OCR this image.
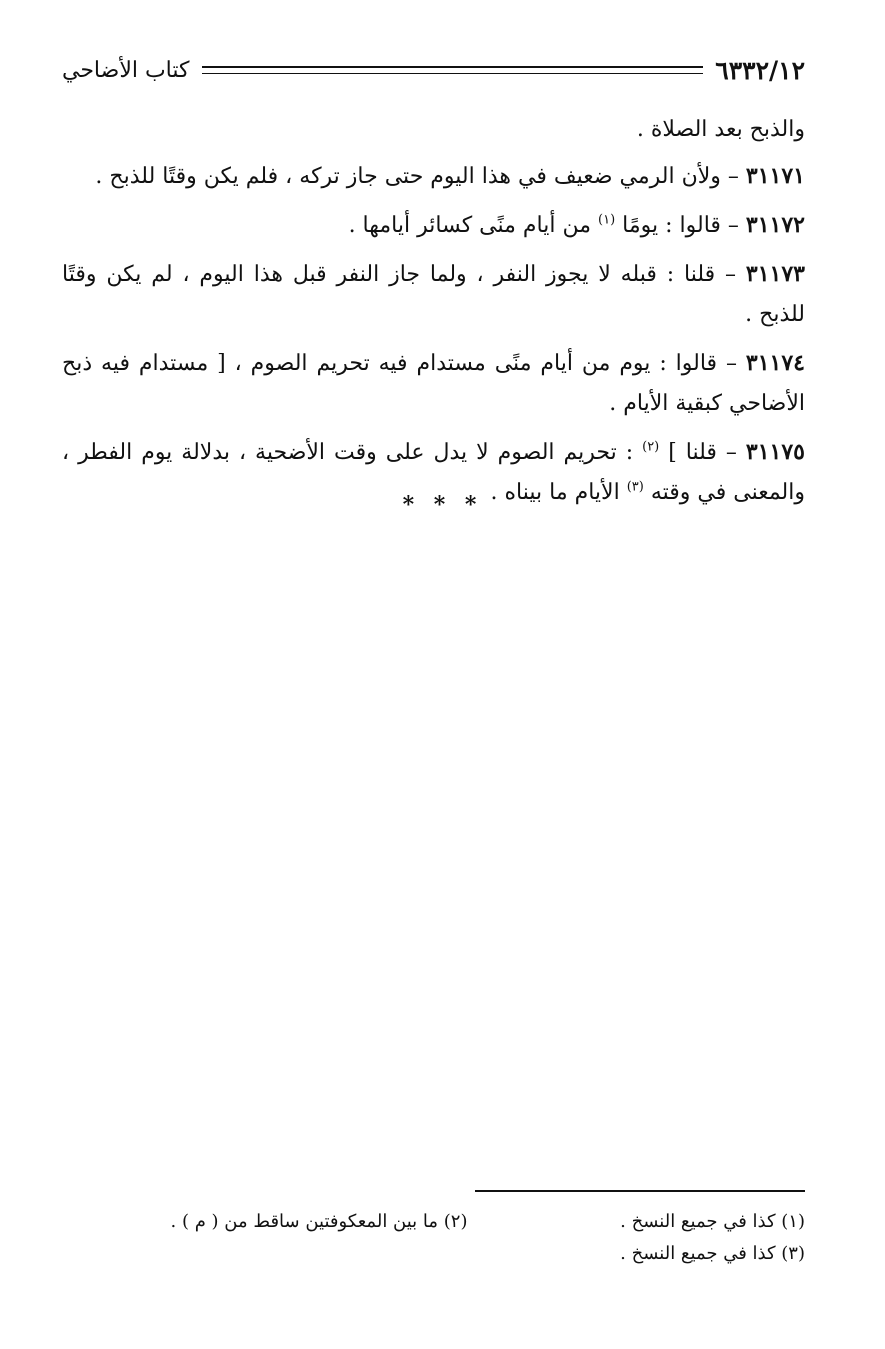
٦٣٣٢/١٢
كتاب الأضاحي

والذبح بعد الصلاة .

٣١١٧١ – ولأن الرمي ضعيف في هذا اليوم حتى جاز تركه ، فلم يكن وقتًا للذبح .

٣١١٧٢ – قالوا : يومًا $^{(١)}$ من أيام منًى كسائر أيامها .

٣١١٧٣ – قلنا : قبله لا يجوز النفر ، ولما جاز النفر قبل هذا اليوم ، لم يكن وقتًا للذبح .

٣١١٧٤ – قالوا : يوم من أيام منًى مستدام فيه تحريم الصوم ، [ مستدام فيه ذبح الأضاحي كبقية الأيام .

٣١١٧٥ – قلنا ] $^{(٢)}$ : تحريم الصوم لا يدل على وقت الأضحية ، بدلالة يوم الفطر ، والمعنى في وقته $^{(٣)}$ الأيام ما بيناه .

* * *
(١) كذا في جميع النسخ .
(٢) ما بين المعكوفتين ساقط من ( م ) .
(٣) كذا في جميع النسخ .
